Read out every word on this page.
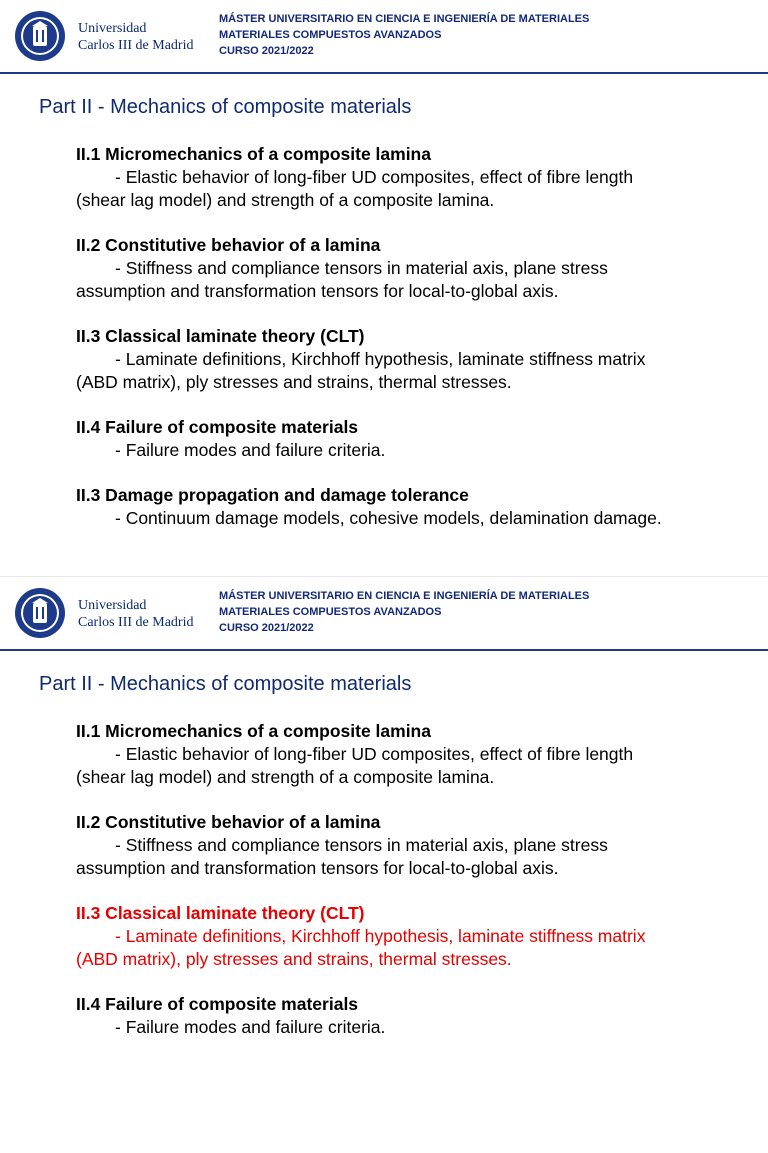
Universidad
Carlos III de Madrid
MÁSTER UNIVERSITARIO EN CIENCIA E INGENIERÍA DE MATERIALES
MATERIALES COMPUESTOS AVANZADOS
CURSO 2021/2022
Part II - Mechanics of composite materials
II.1 Micromechanics of a composite lamina
- Elastic behavior of long-fiber UD composites, effect of fibre length
(shear lag model) and strength of a composite lamina.
II.2 Constitutive behavior of a lamina
- Stiffness and compliance tensors in material axis, plane stress
assumption and transformation tensors for local-to-global axis.
II.3 Classical laminate theory (CLT)
- Laminate definitions, Kirchhoff hypothesis, laminate stiffness matrix
(ABD matrix), ply stresses and strains, thermal stresses.
II.4 Failure of composite materials
- Failure modes and failure criteria.
II.3 Damage propagation and damage tolerance
- Continuum damage models, cohesive models, delamination damage.
Universidad
Carlos III de Madrid
MÁSTER UNIVERSITARIO EN CIENCIA E INGENIERÍA DE MATERIALES
MATERIALES COMPUESTOS AVANZADOS
CURSO 2021/2022
Part II - Mechanics of composite materials
II.1 Micromechanics of a composite lamina
- Elastic behavior of long-fiber UD composites, effect of fibre length
(shear lag model) and strength of a composite lamina.
II.2 Constitutive behavior of a lamina
- Stiffness and compliance tensors in material axis, plane stress
assumption and transformation tensors for local-to-global axis.
II.3 Classical laminate theory (CLT)
- Laminate definitions, Kirchhoff hypothesis, laminate stiffness matrix
(ABD matrix), ply stresses and strains, thermal stresses.
II.4 Failure of composite materials
- Failure modes and failure criteria.
